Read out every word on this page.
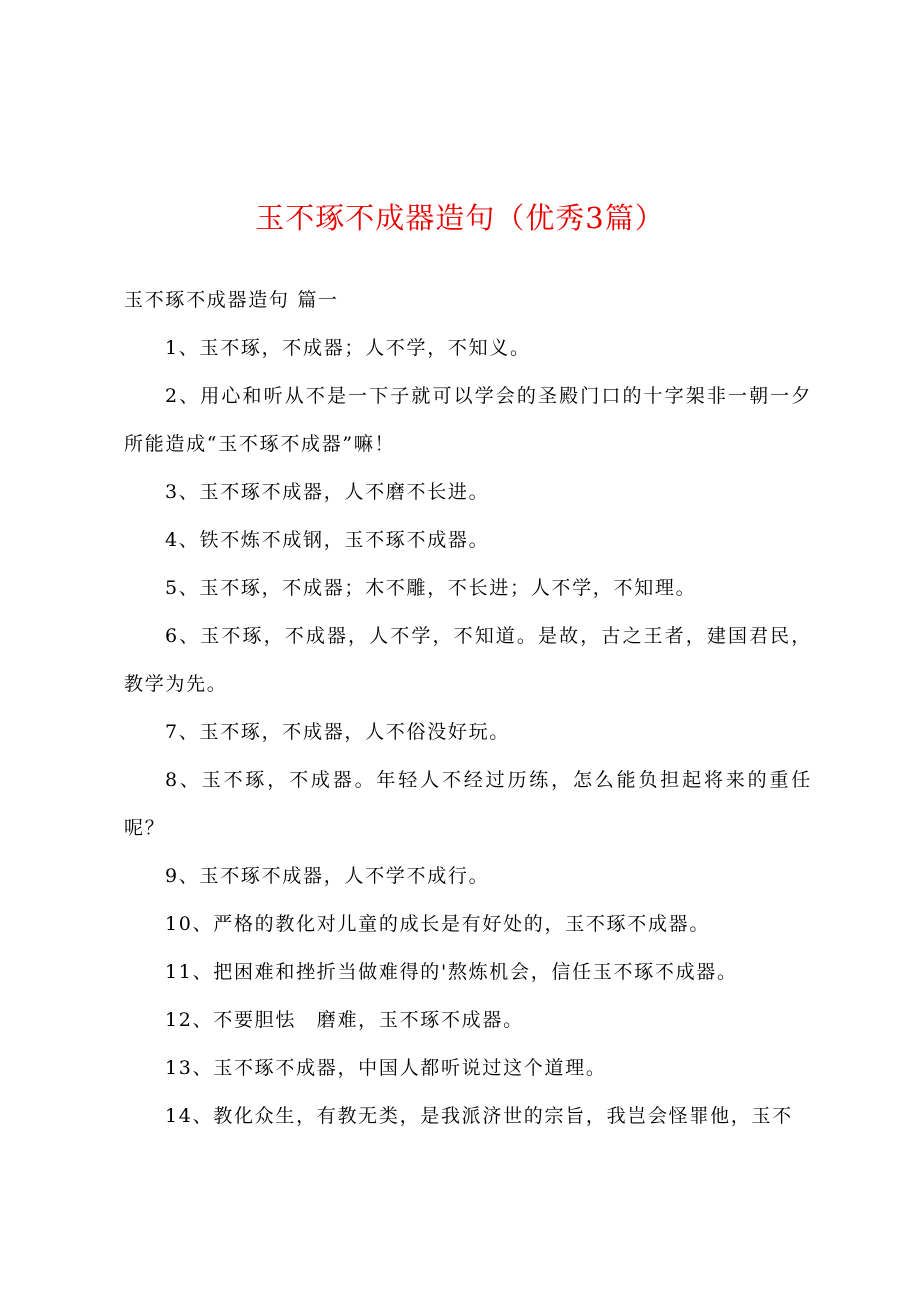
玉不琢不成器造句（优秀3篇）

玉不琢不成器造句 篇一

1、玉不琢，不成器；人不学，不知义。

2、用心和听从不是一下子就可以学会的圣殿门口的十字架非一朝一夕所能造成“玉不琢不成器”嘛！

3、玉不琢不成器，人不磨不长进。

4、铁不炼不成钢，玉不琢不成器。

5、玉不琢，不成器；木不雕，不长进；人不学，不知理。

6、玉不琢，不成器，人不学，不知道。是故，古之王者，建国君民，教学为先。

7、玉不琢，不成器，人不俗没好玩。

8、玉不琢，不成器。年轻人不经过历练，怎么能负担起将来的重任呢？

9、玉不琢不成器，人不学不成行。

10、严格的教化对儿童的成长是有好处的，玉不琢不成器。

11、把困难和挫折当做难得的'熬炼机会，信任玉不琢不成器。

12、不要胆怯　磨难，玉不琢不成器。

13、玉不琢不成器，中国人都听说过这个道理。

14、教化众生，有教无类，是我派济世的宗旨，我岂会怪罪他，玉不
